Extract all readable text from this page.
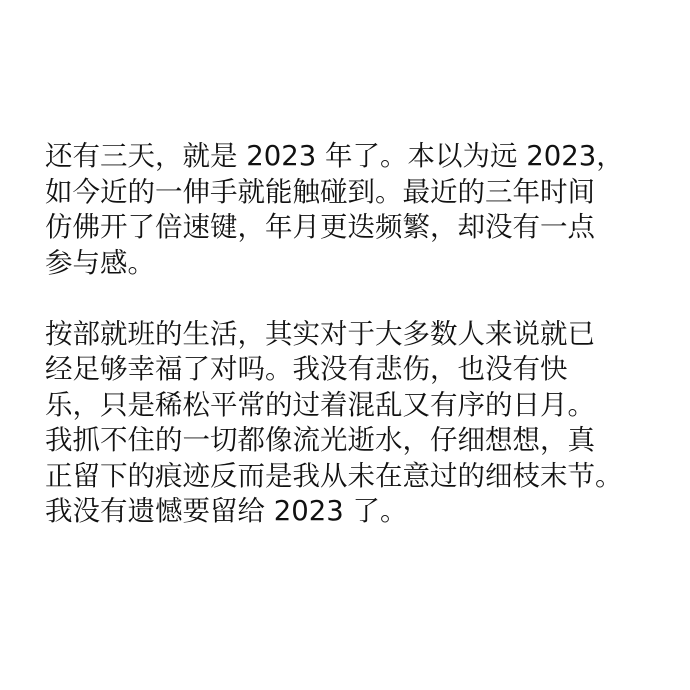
还有三天，就是 2023 年了。本以为远 2023，
如今近的一伸手就能触碰到。最近的三年时间
仿佛开了倍速键，年月更迭频繁，却没有一点
参与感。

按部就班的生活，其实对于大多数人来说就已
经足够幸福了对吗。我没有悲伤，也没有快
乐，只是稀松平常的过着混乱又有序的日月。
我抓不住的一切都像流光逝水，仔细想想，真
正留下的痕迹反而是我从未在意过的细枝末节。
我没有遗憾要留给 2023 了。
